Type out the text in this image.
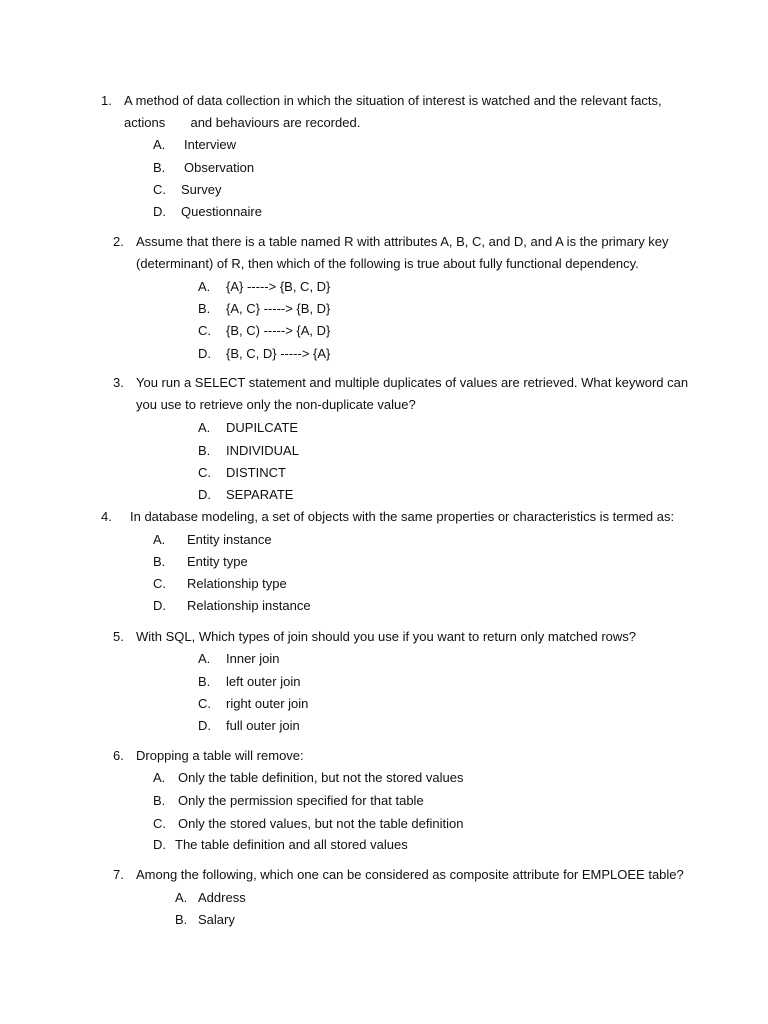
1. A method of data collection in which the situation of interest is watched and the relevant facts,
actions       and behaviours are recorded.
A. Interview
B. Observation
C. Survey
D. Questionnaire
2. Assume that there is a table named R with attributes A, B, C, and D, and A is the primary key
(determinant) of R, then which of the following is true about fully functional dependency.
A. {A} -----> {B, C, D}
B. {A, C} -----> {B, D}
C. {B, C) -----> {A, D}
D. {B, C, D} -----> {A}
3. You run a SELECT statement and multiple duplicates of values are retrieved. What keyword can
you use to retrieve only the non-duplicate value?
A. DUPILCATE
B. INDIVIDUAL
C. DISTINCT
D. SEPARATE
4. In database modeling, a set of objects with the same properties or characteristics is termed as:
A. Entity instance
B. Entity type
C. Relationship type
D. Relationship instance
5. With SQL, Which types of join should you use if you want to return only matched rows?
A. Inner join
B. left outer join
C. right outer join
D. full outer join
6. Dropping a table will remove:
A. Only the table definition, but not the stored values
B. Only the permission specified for that table
C. Only the stored values, but not the table definition
D. The table definition and all stored values
7. Among the following, which one can be considered as composite attribute for EMPLOEE table?
A. Address
B. Salary
